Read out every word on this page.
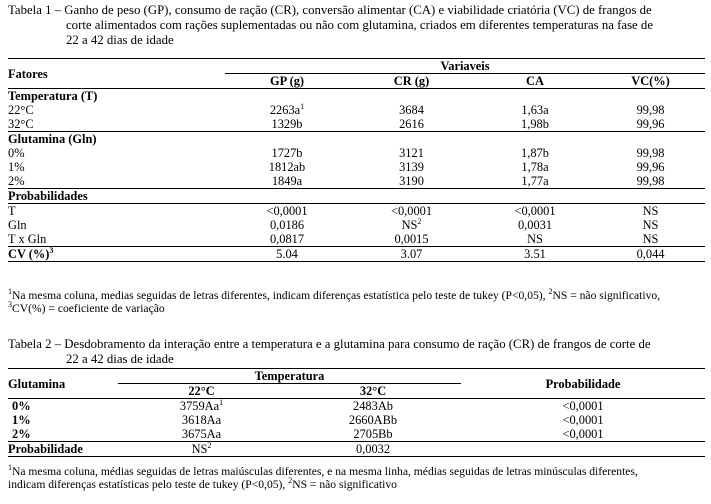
Tabela 1 – Ganho de peso (GP), consumo de ração (CR), conversão alimentar (CA) e viabilidade criatória (VC) de frangos de
corte alimentados com rações suplementadas ou não com glutamina, criados em diferentes temperaturas na fase de
22 a 42 dias de idade
Fatores	Variaveis			
	GP (g)	CR (g)	CA	VC(%)
Temperatura (T)				
22°C	$2263a^1$	3684	1,63a	99,98
32°C	1329b	2616	1,98b	99,96
Glutamina (Gln)				
0%	1727b	3121	1,87b	99,98
1%	1812ab	3139	1,78a	99,96
2%	1849a	3190	1,77a	99,98
Probabilidades				
T	<0,0001	<0,0001	<0,0001	NS
Gln	0,0186	$NS^2$	0,0031	NS
T x Gln	0,0817	0,0015	NS	NS
CV (%)$^3$	5.04	3.07	3.51	0,044
$^1$Na mesma coluna, medias seguidas de letras diferentes, indicam diferenças estatística pelo teste de tukey (P<0,05), $^2$NS = não significativo,
$^3$CV(%) = coeficiente de variação
Tabela 2 – Desdobramento da interação entre a temperatura e a glutamina para consumo de ração (CR) de frangos de corte de
22 a 42 dias de idade
Glutamina	Temperatura		Probabilidade
	22°C	32°C	
0%	3759Aa$^1$	2483Ab	<0,0001
1%	3618Aa	2660ABb	<0,0001
2%	3675Aa	2705Bb	<0,0001
Probabilidade	$NS^2$	0,0032	
$^1$Na mesma coluna, médias seguidas de letras maiúsculas diferentes, e na mesma linha, médias seguidas de letras minúsculas diferentes,
indicam diferenças estatísticas pelo teste de tukey (P<0,05), $^2$NS = não significativo
